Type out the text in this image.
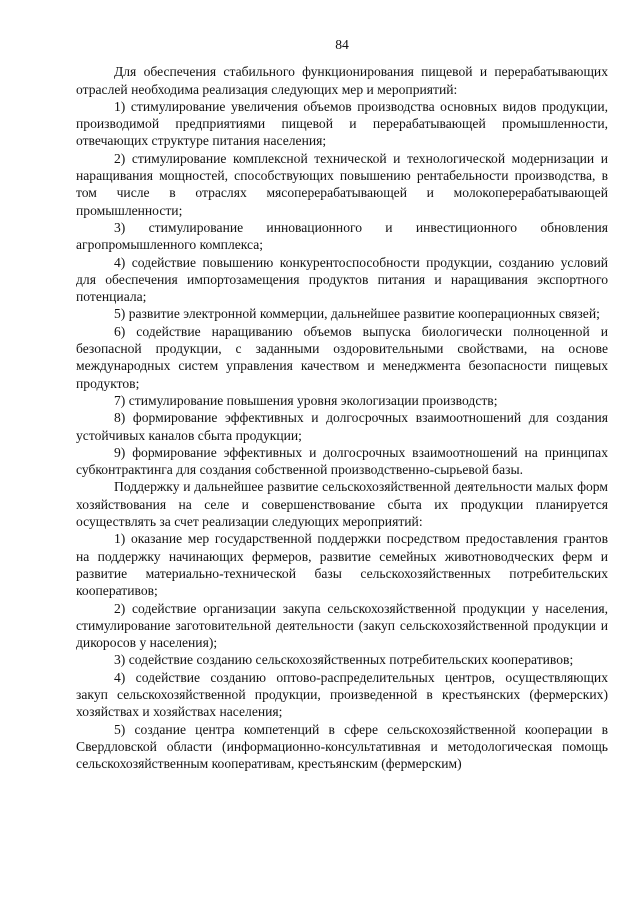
84

Для обеспечения стабильного функционирования пищевой и перерабатывающих отраслей необходима реализация следующих мер и мероприятий:

1) стимулирование увеличения объемов производства основных видов продукции, производимой предприятиями пищевой и перерабатывающей промышленности, отвечающих структуре питания населения;

2) стимулирование комплексной технической и технологической модернизации и наращивания мощностей, способствующих повышению рентабельности производства, в том числе в отраслях мясоперерабатывающей и молокоперерабатывающей промышленности;

3) стимулирование инновационного и инвестиционного обновления агропромышленного комплекса;

4) содействие повышению конкурентоспособности продукции, созданию условий для обеспечения импортозамещения продуктов питания и наращивания экспортного потенциала;

5) развитие электронной коммерции, дальнейшее развитие кооперационных связей;

6) содействие наращиванию объемов выпуска биологически полноценной и безопасной продукции, с заданными оздоровительными свойствами, на основе международных систем управления качеством и менеджмента безопасности пищевых продуктов;

7) стимулирование повышения уровня экологизации производств;

8) формирование эффективных и долгосрочных взаимоотношений для создания устойчивых каналов сбыта продукции;

9) формирование эффективных и долгосрочных взаимоотношений на принципах субконтрактинга для создания собственной производственно-сырьевой базы.

Поддержку и дальнейшее развитие сельскохозяйственной деятельности малых форм хозяйствования на селе и совершенствование сбыта их продукции планируется осуществлять за счет реализации следующих мероприятий:

1) оказание мер государственной поддержки посредством предоставления грантов на поддержку начинающих фермеров, развитие семейных животноводческих ферм и развитие материально-технической базы сельскохозяйственных потребительских кооперативов;

2) содействие организации закупа сельскохозяйственной продукции у населения, стимулирование заготовительной деятельности (закуп сельскохозяйственной продукции и дикоросов у населения);

3) содействие созданию сельскохозяйственных потребительских кооперативов;

4) содействие созданию оптово-распределительных центров, осуществляющих закуп сельскохозяйственной продукции, произведенной в крестьянских (фермерских) хозяйствах и хозяйствах населения;

5) создание центра компетенций в сфере сельскохозяйственной кооперации в Свердловской области (информационно-консультативная и методологическая помощь сельскохозяйственным кооперативам, крестьянским (фермерским)
